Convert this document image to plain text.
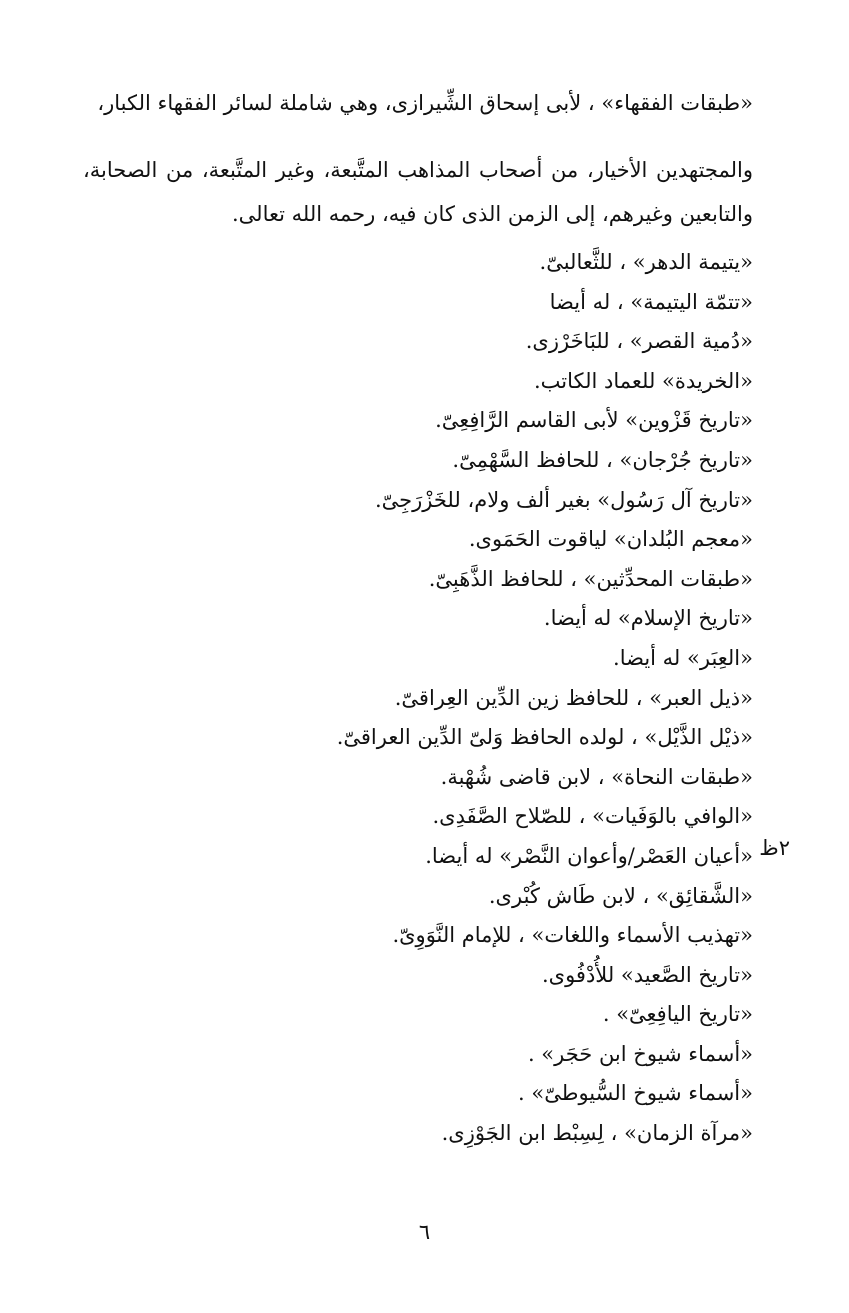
«طبقات الفقهاء» ، لأبى إسحاق الشِّيرازى، وهي شاملة لسائر الفقهاء الكبار،
والمجتهدين الأخيار، من أصحاب المذاهب المتَّبعة، وغير المتَّبعة، من الصحابة، والتابعين وغيرهم، إلى الزمن الذى كان فيه، رحمه الله تعالى.
«يتيمة الدهر» ، للثَّعالبىّ.
«تتمّة اليتيمة» ، له أيضا
«دُمية القصر» ، للبَاخَرْزى.
«الخريدة» للعماد الكاتب.
«تاريخ قَزْوين» لأبى القاسم الرَّافِعِىّ.
«تاريخ جُرْجان» ، للحافظ السَّهْمِىّ.
«تاريخ آل رَسُول» بغير ألف ولام، للخَزْرَجِىّ.
«معجم البُلدان» لياقوت الحَمَوى.
«طبقات المحدِّثين» ، للحافظ الذَّهَبِىّ.
«تاريخ الإسلام» له أيضا.
«العِبَر» له أيضا.
«ذيل العبر» ، للحافظ زين الدِّين العِراقىّ.
«ذيْل الذَّيْل» ، لولده الحافظ وَلىّ الدِّين العراقىّ.
«طبقات النحاة» ، لابن قاضى شُهْبة.
«الوافي بالوَفَيات» ، للصّلاح الصَّفَدِى.
«أعيان العَصْر/وأعوان النَّصْر» له أيضا.
«الشَّقائِق» ، لابن طَاش كُبْرى.
«تهذيب الأسماء واللغات» ، للإمام النَّوَوِىّ.
«تاريخ الصَّعيد» للأُدْفُوى.
«تاريخ اليافِعِىّ» .
«أسماء شيوخ ابن حَجَر» .
«أسماء شيوخ السُّيوطىّ» .
«مرآة الزمان» ، لِسِبْط ابن الجَوْزِى.
٢ظ
٦
